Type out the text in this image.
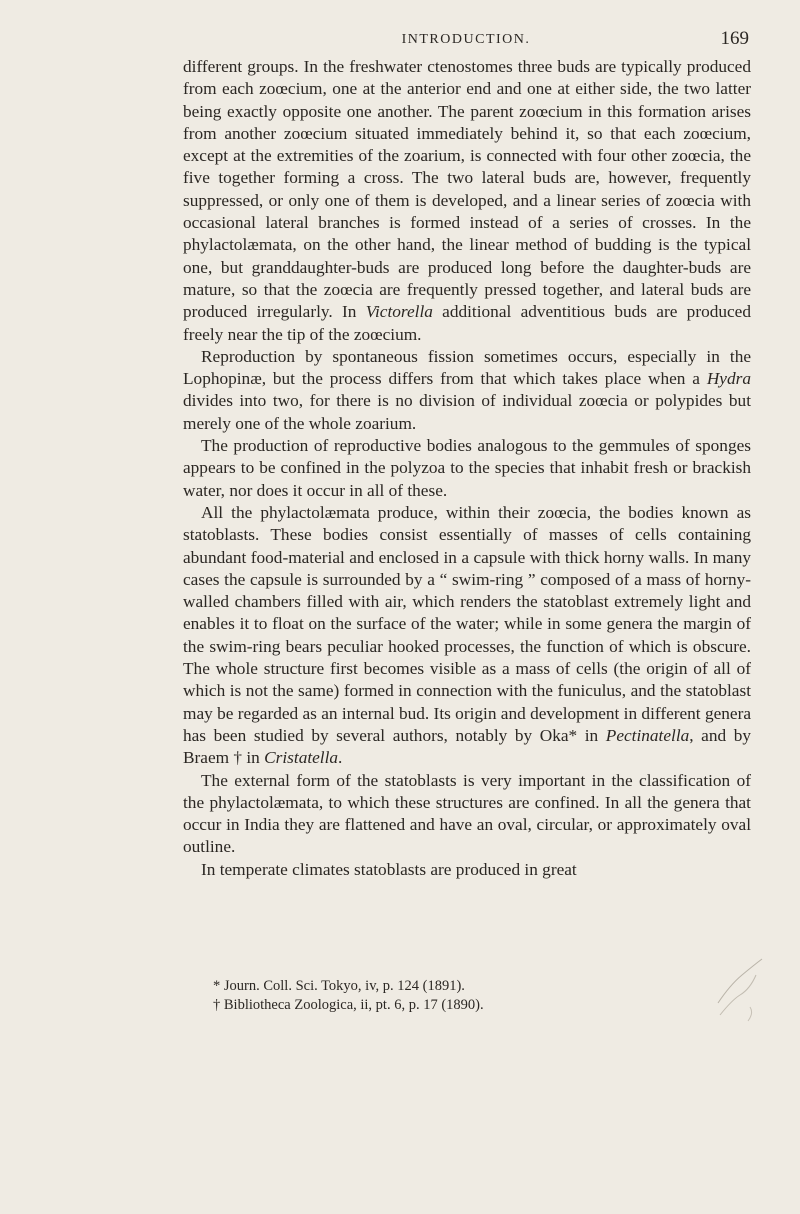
INTRODUCTION.	169

different groups. In the freshwater ctenostomes three buds are typically produced from each zoœcium, one at the anterior end and one at either side, the two latter being exactly opposite one another. The parent zoœcium in this formation arises from another zoœcium situated immediately behind it, so that each zoœcium, except at the extremities of the zoarium, is connected with four other zoœcia, the five together forming a cross. The two lateral buds are, however, frequently suppressed, or only one of them is developed, and a linear series of zoœcia with occasional lateral branches is formed instead of a series of crosses. In the phylactolæmata, on the other hand, the linear method of budding is the typical one, but granddaughter-buds are produced long before the daughter-buds are mature, so that the zoœcia are frequently pressed together, and lateral buds are produced irregularly. In Victorella additional adventitious buds are produced freely near the tip of the zoœcium.

Reproduction by spontaneous fission sometimes occurs, especially in the Lophopinæ, but the process differs from that which takes place when a Hydra divides into two, for there is no division of individual zoœcia or polypides but merely one of the whole zoarium.

The production of reproductive bodies analogous to the gemmules of sponges appears to be confined in the polyzoa to the species that inhabit fresh or brackish water, nor does it occur in all of these.

All the phylactolæmata produce, within their zoœcia, the bodies known as statoblasts. These bodies consist essentially of masses of cells containing abundant food-material and enclosed in a capsule with thick horny walls. In many cases the capsule is surrounded by a “ swim-ring ” composed of a mass of horny-walled chambers filled with air, which renders the statoblast extremely light and enables it to float on the surface of the water; while in some genera the margin of the swim-ring bears peculiar hooked processes, the function of which is obscure. The whole structure first becomes visible as a mass of cells (the origin of all of which is not the same) formed in connection with the funiculus, and the statoblast may be regarded as an internal bud. Its origin and development in different genera has been studied by several authors, notably by Oka* in Pectinatella, and by Braem † in Cristatella.

The external form of the statoblasts is very important in the classification of the phylactolæmata, to which these structures are confined. In all the genera that occur in India they are flattened and have an oval, circular, or approximately oval outline.

In temperate climates statoblasts are produced in great

* Journ. Coll. Sci. Tokyo, iv, p. 124 (1891).

† Bibliotheca Zoologica, ii, pt. 6, p. 17 (1890).
